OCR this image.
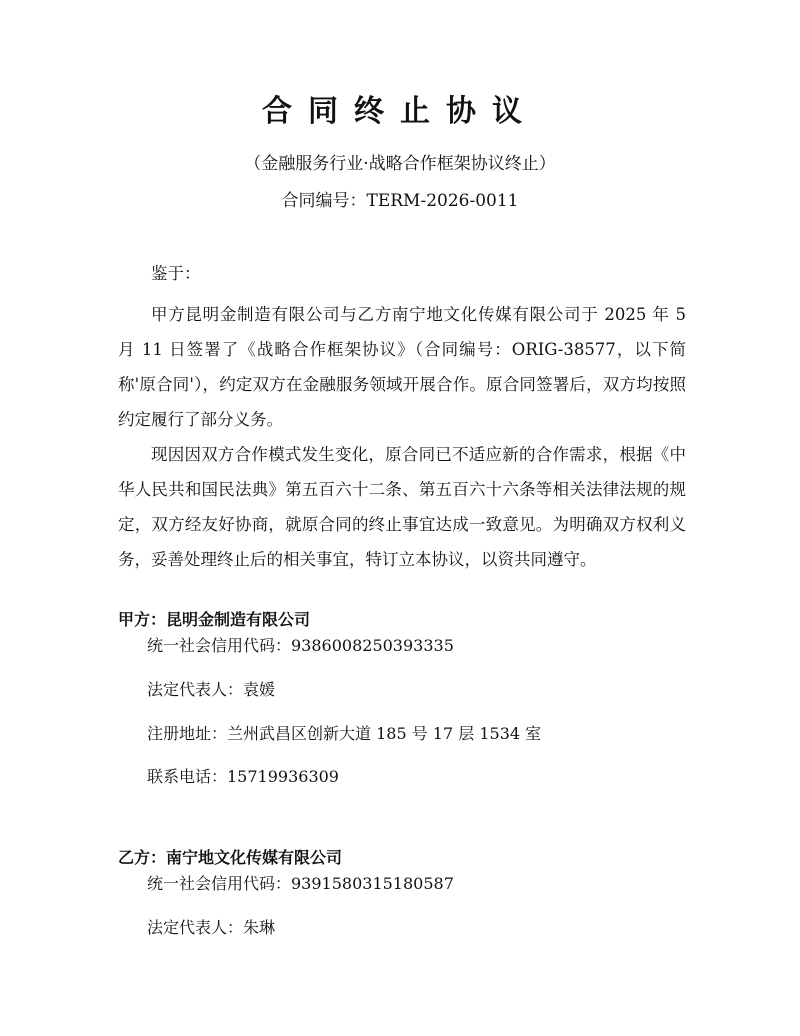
合同终止协议
（金融服务行业·战略合作框架协议终止）
合同编号：TERM-2026-0011

鉴于：

甲方昆明金制造有限公司与乙方南宁地文化传媒有限公司于 2025 年 5 月 11 日签署了《战略合作框架协议》（合同编号：ORIG-38577，以下简称'原合同'），约定双方在金融服务领域开展合作。原合同签署后，双方均按照约定履行了部分义务。

现因因双方合作模式发生变化，原合同已不适应新的合作需求，根据《中华人民共和国民法典》第五百六十二条、第五百六十六条等相关法律法规的规定，双方经友好协商，就原合同的终止事宜达成一致意见。为明确双方权利义务，妥善处理终止后的相关事宜，特订立本协议，以资共同遵守。

甲方：昆明金制造有限公司
统一社会信用代码：9386008250393335
法定代表人：袁媛
注册地址：兰州武昌区创新大道 185 号 17 层 1534 室
联系电话：15719936309
乙方：南宁地文化传媒有限公司
统一社会信用代码：9391580315180587
法定代表人：朱琳
